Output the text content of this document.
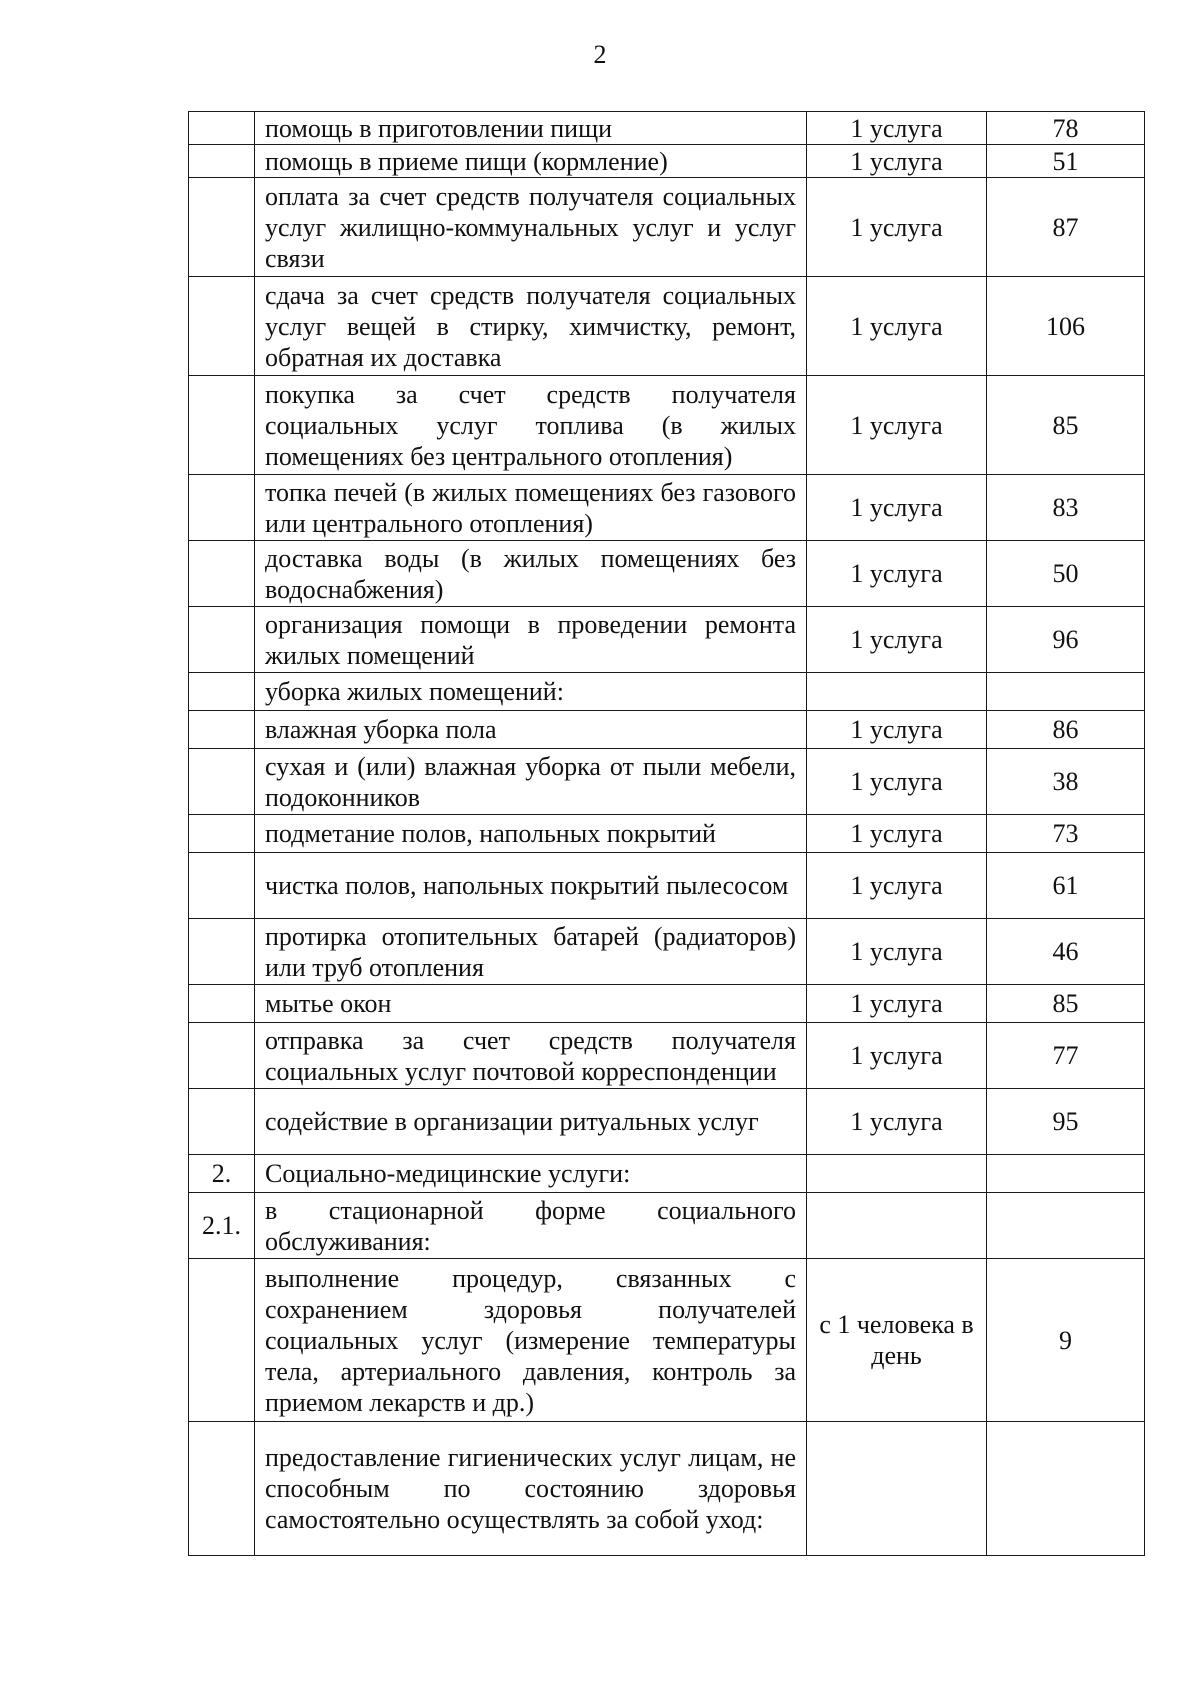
2
	помощь в приготовлении пищи	1 услуга	78
	помощь в приеме пищи (кормление)	1 услуга	51
	оплата за счет средств получателя социальных услуг жилищно-коммунальных услуг и услуг связи	1 услуга	87
	сдача за счет средств получателя социальных услуг вещей в стирку, химчистку, ремонт, обратная их доставка	1 услуга	106
	покупка за счет средств получателя социальных услуг топлива (в жилых помещениях без центрального отопления)	1 услуга	85
	топка печей (в жилых помещениях без газового или центрального отопления)	1 услуга	83
	доставка воды (в жилых помещениях без водоснабжения)	1 услуга	50
	организация помощи в проведении ремонта жилых помещений	1 услуга	96
	уборка жилых помещений:		
	влажная уборка пола	1 услуга	86
	сухая и (или) влажная уборка от пыли мебели, подоконников	1 услуга	38
	подметание полов, напольных покрытий	1 услуга	73
	чистка полов, напольных покрытий пылесосом	1 услуга	61
	протирка отопительных батарей (радиаторов) или труб отопления	1 услуга	46
	мытье окон	1 услуга	85
	отправка за счет средств получателя социальных услуг почтовой корреспонденции	1 услуга	77
	содействие в организации ритуальных услуг	1 услуга	95
2.	Социально-медицинские услуги:		
2.1.	в стационарной форме социального обслуживания:		
	выполнение процедур, связанных с сохранением здоровья получателей социальных услуг (измерение температуры тела, артериального давления, контроль за приемом лекарств и др.)	с 1 человека в день	9
	предоставление гигиенических услуг лицам, не способным по состоянию здоровья самостоятельно осуществлять за собой уход:		
